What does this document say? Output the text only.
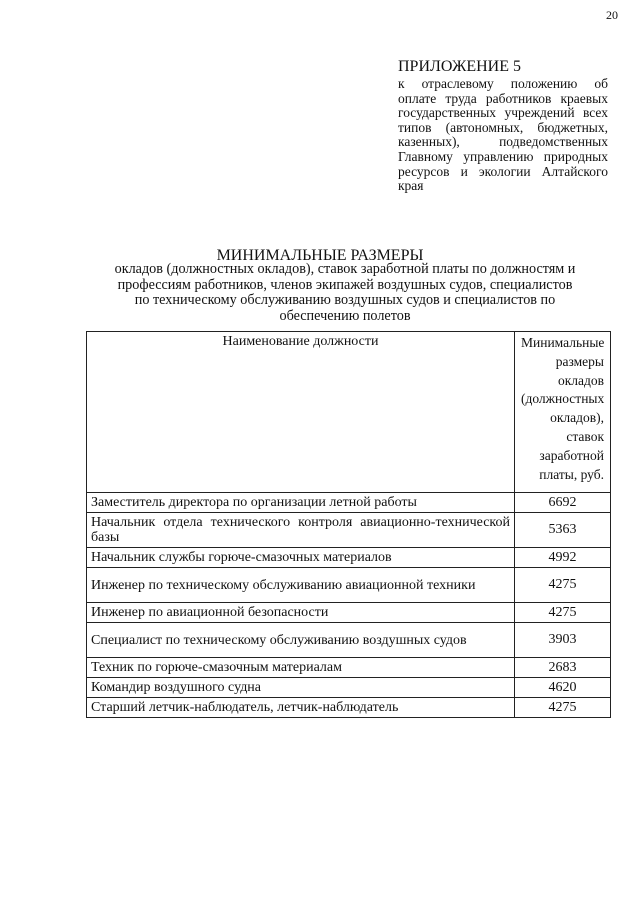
20
ПРИЛОЖЕНИЕ 5

к отраслевому положению об оплате труда работников краевых государственных учреждений всех типов (автономных, бюджетных, казенных), подведомственных Главному управлению природных ресурсов и экологии Алтайского края

МИНИМАЛЬНЫЕ РАЗМЕРЫ

окладов (должностных окладов), ставок заработной платы по должностям и профессиям работников, членов экипажей воздушных судов, специалистов по техническому обслуживанию воздушных судов и специалистов по обеспечению полетов

Наименование должности	Минимальные размеры окладов (должностных окладов), ставок заработной платы, руб.
Заместитель директора по организации летной работы	6692
Начальник отдела технического контроля авиационно-технической базы	5363
Начальник службы горюче-смазочных материалов	4992
Инженер по техническому обслуживанию авиационной техники	4275
Инженер по авиационной безопасности	4275
Специалист по техническому обслуживанию воздушных судов	3903
Техник по горюче-смазочным материалам	2683
Командир воздушного судна	4620
Старший летчик-наблюдатель, летчик-наблюдатель	4275
